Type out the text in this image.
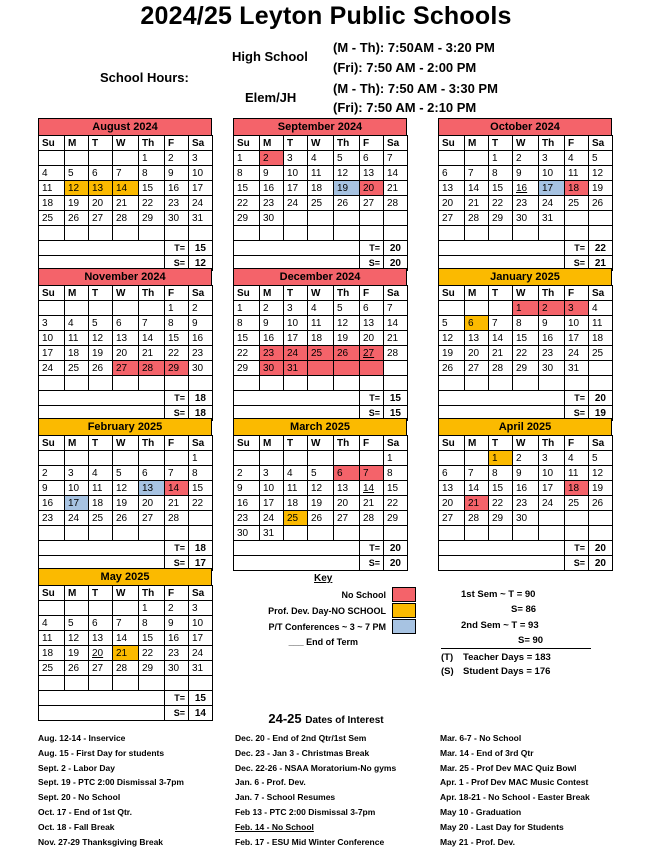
2024/25 Leyton Public Schools
School Hours:
High School
(M - Th): 7:50AM - 3:20 PM
(Fri): 7:50 AM - 2:00 PM
Elem/JH
(M - Th): 7:50 AM - 3:30 PM
(Fri): 7:50 AM - 2:10 PM
August 2024
Su	M	T	W	Th	F	Sa
				1	2	3
4	5	6	7	8	9	10
11	12	13	14	15	16	17
18	19	20	21	22	23	24
25	26	27	28	29	30	31

					T=	15
					S=	12
September 2024
Su	M	T	W	Th	F	Sa
1	2	3	4	5	6	7
8	9	10	11	12	13	14
15	16	17	18	19	20	21
22	23	24	25	26	27	28
29	30					

					T=	20
					S=	20
October 2024
Su	M	T	W	Th	F	Sa
		1	2	3	4	5
6	7	8	9	10	11	12
13	14	15	16	17	18	19
20	21	22	23	24	25	26
27	28	29	30	31		

					T=	22
					S=	21
November 2024
Su	M	T	W	Th	F	Sa
					1	2
3	4	5	6	7	8	9
10	11	12	13	14	15	16
17	18	19	20	21	22	23
24	25	26	27	28	29	30

					T=	18
					S=	18
December 2024
Su	M	T	W	Th	F	Sa
1	2	3	4	5	6	7
8	9	10	11	12	13	14
15	16	17	18	19	20	21
22	23	24	25	26	27	28
29	30	31				

					T=	15
					S=	15
January 2025
Su	M	T	W	Th	F	Sa
			1	2	3	4
5	6	7	8	9	10	11
12	13	14	15	16	17	18
19	20	21	22	23	24	25
26	27	28	29	30	31	

					T=	20
					S=	19
February 2025
Su	M	T	W	Th	F	Sa
						1
2	3	4	5	6	7	8
9	10	11	12	13	14	15
16	17	18	19	20	21	22
23	24	25	26	27	28	

					T=	18
					S=	17
March 2025
Su	M	T	W	Th	F	Sa
						1
2	3	4	5	6	7	8
9	10	11	12	13	14	15
16	17	18	19	20	21	22
23	24	25	26	27	28	29
30	31					
					T=	20
					S=	20
April 2025
Su	M	T	W	Th	F	Sa
		1	2	3	4	5
6	7	8	9	10	11	12
13	14	15	16	17	18	19
20	21	22	23	24	25	26
27	28	29	30			

					T=	20
					S=	20
May 2025
Su	M	T	W	Th	F	Sa
				1	2	3
4	5	6	7	8	9	10
11	12	13	14	15	16	17
18	19	20	21	22	23	24
25	26	27	28	29	30	31

					T=	15
					S=	14
Key
No School
Prof. Dev. Day-NO SCHOOL
P/T Conferences ~ 3 ~ 7 PM
___ End of Term
1st Sem ~ T = 90
S= 86
2nd Sem ~ T = 93
S= 90
(T) Teacher Days = 183
(S) Student Days = 176
24-25 Dates of Interest
Aug. 12-14 - Inservice
Aug. 15 - First Day for students
Sept. 2 - Labor Day
Sept. 19 - PTC 2:00 Dismissal 3-7pm
Sept. 20 - No School
Oct. 17 - End of 1st Qtr.
Oct. 18 - Fall Break
Nov. 27-29 Thanksgiving Break
Dec. 20 - End of 2nd Qtr/1st Sem
Dec. 23 - Jan 3 - Christmas Break
Dec. 22-26 - NSAA Moratorium-No gyms
Jan. 6 - Prof. Dev.
Jan. 7 - School Resumes
Feb 13 - PTC 2:00 Dismissal 3-7pm
Feb. 14 - No School
Feb. 17 - ESU Mid Winter Conference
Mar. 6-7 - No School
Mar. 14 - End of 3rd Qtr
Mar. 25 - Prof Dev MAC Quiz Bowl
Apr. 1 - Prof Dev MAC Music Contest
Apr. 18-21 - No School - Easter Break
May 10 - Graduation
May 20 - Last Day for Students
May 21 - Prof. Dev.
